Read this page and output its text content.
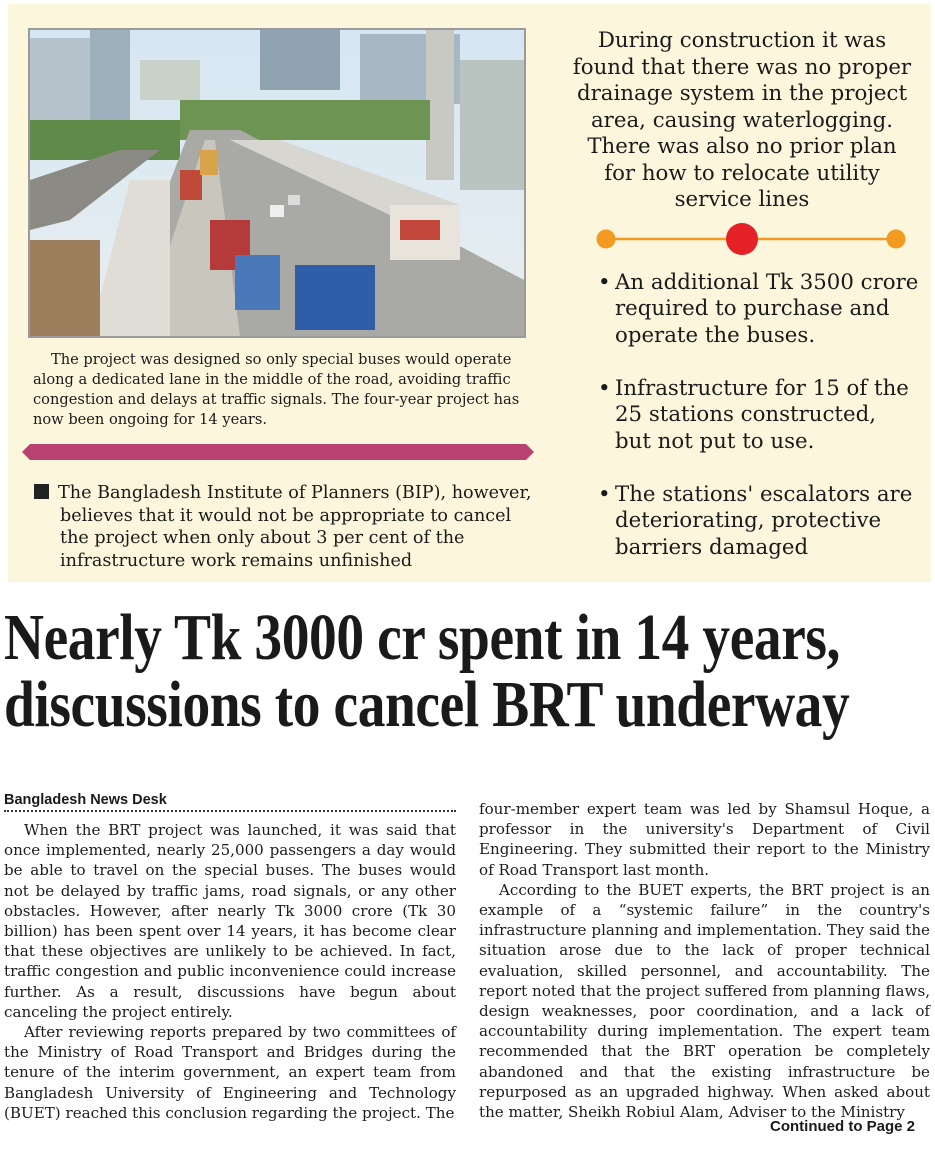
The project was designed so only special buses would operate along a dedicated lane in the middle of the road, avoiding traffic congestion and delays at traffic signals. The four-year project has now been ongoing for 14 years.
The Bangladesh Institute of Planners (BIP), however, believes that it would not be appropriate to cancel the project when only about 3 per cent of the infrastructure work remains unfinished
During construction it was
found that there was no proper
drainage system in the project
area, causing waterlogging.
There was also no prior plan
for how to relocate utility
service lines
• An additional Tk 3500 crore
required to purchase and
operate the buses.
• Infrastructure for 15 of the
25 stations constructed,
but not put to use.
• The stations' escalators are
deteriorating, protective
barriers damaged
Nearly Tk 3000 cr spent in 14 years,
discussions to cancel BRT underway
Bangladesh News Desk

When the BRT project was launched, it was said that once implemented, nearly 25,000 passengers a day would be able to travel on the special buses. The buses would not be delayed by traffic jams, road signals, or any other obstacles. However, after nearly Tk 3000 crore (Tk 30 billion) has been spent over 14 years, it has become clear that these objectives are unlikely to be achieved. In fact, traffic congestion and public inconvenience could increase further. As a result, discussions have begun about canceling the project entirely.

After reviewing reports prepared by two committees of the Ministry of Road Transport and Bridges during the tenure of the interim government, an expert team from Bangladesh University of Engineering and Technology (BUET) reached this conclusion regarding the project. The

four-member expert team was led by Shamsul Hoque, a professor in the university's Department of Civil Engineering. They submitted their report to the Ministry of Road Transport last month.

According to the BUET experts, the BRT project is an example of a “systemic failure” in the country's infrastructure planning and implementation. They said the situation arose due to the lack of proper technical evaluation, skilled personnel, and accountability. The report noted that the project suffered from planning flaws, design weaknesses, poor coordination, and a lack of accountability during implementation. The expert team recommended that the BRT operation be completely abandoned and that the existing infrastructure be repurposed as an upgraded highway. When asked about the matter, Sheikh Robiul Alam, Adviser to the Ministry

Continued to Page 2
